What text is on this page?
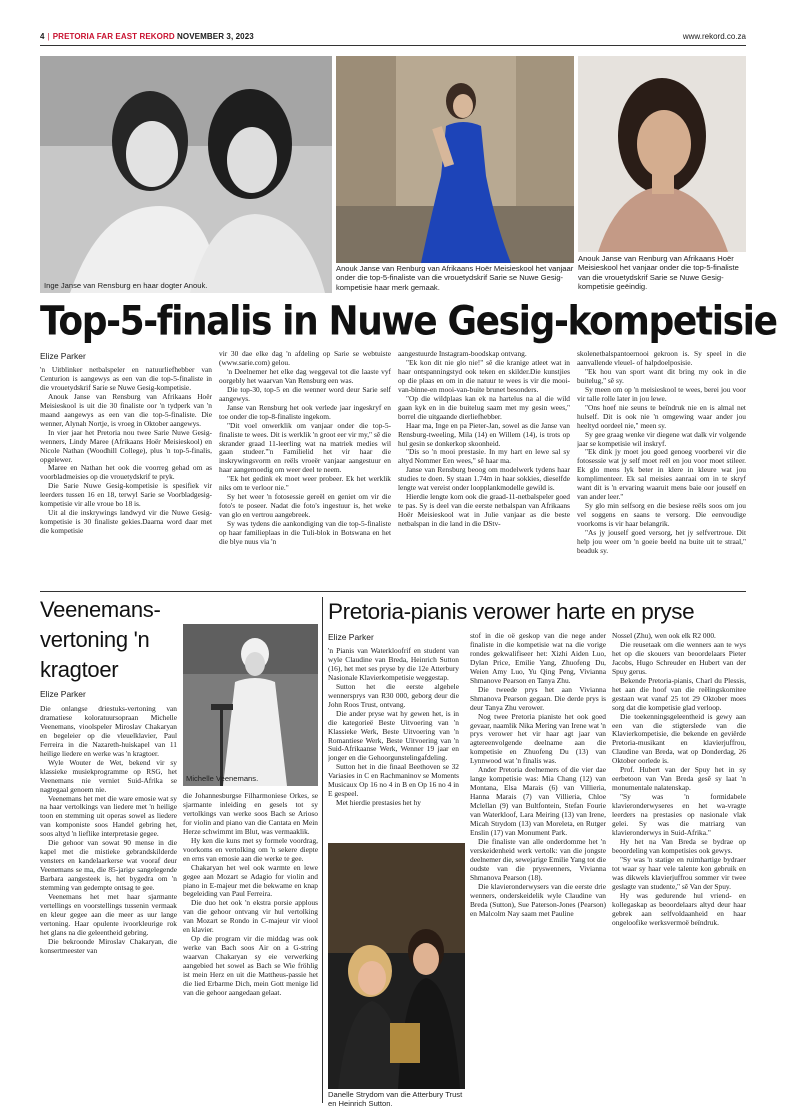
4 | PRETORIA FAR EAST REKORD NOVEMBER 3, 2023	www.rekord.co.za
Inge Janse van Rensburg en haar dogter Anouk.
Anouk Janse van Renburg van Afrikaans Hoër Meisieskool het vanjaar onder die top-5-finaliste van die vrouetydskrif Sarie se Nuwe Gesig-kompetisie haar merk gemaak.
Anouk Janse van Renburg van Afrikaans Hoër Meisieskool het vanjaar onder die top-5-finaliste van die vrouetydskrif Sarie se Nuwe Gesig-kompetisie geëindig.
Top-5-finalis in Nuwe Gesig-kompetisie
Elize Parker

'n Uitblinker netbalspeler en natuurliefhebber van Centurion is aangewys as een van die top-5-finaliste in die vrouetydskrif Sarie se Nuwe Gesig-kompetisie.

Anouk Janse van Rensburg van Afrikaans Hoër Meisieskool is uit die 30 finaliste oor 'n tydperk van 'n maand aangewys as een van die top-5-finaliste. Die wenner, Alynah Nortje, is vroeg in Oktober aangewys.

In vier jaar het Pretoria nou twee Sarie Nuwe Gesig-wenners, Lindy Maree (Afrikaans Hoër Meisieskool) en Nicole Nathan (Woodhill College), plus 'n top-5-finalis, opgelewer.

Maree en Nathan het ook die voorreg gehad om as voorbladmeisies op die vrouetydskrif te pryk.

Die Sarie Nuwe Gesig-kompetisie is spesifiek vir leerders tussen 16 en 18, terwyl Sarie se Voorbladgesig-kompetisie vir alle vroue bo 18 is.

Uit al die inskrywings landwyd vir die Nuwe Gesig-kompetisie is 30 finaliste gekies.Daarna word daar met die kompetisie

vir 30 dae elke dag 'n afdeling op Sarie se webtuiste (www.sarie.com) gelou.

'n Deelnemer het elke dag weggeval tot die laaste vyf oorgebly het waarvan Van Rensburg een was.

Die top-30, top-5 en die wenner word deur Sarie self aangewys.

Janse van Rensburg het ook verlede jaar ingeskryf en toe onder die top-8-finaliste ingekom.

"Dit voel onwerklik om vanjaar onder die top-5-finaliste te wees. Dit is werklik 'n groot eer vir my," sê die skrander graad 11-leerling wat na matriek medies wil gaan studeer."'n Familielid het vir haar die inskrywingsvorm en reëls vroeër vanjaar aangestuur en haar aangemoedig om weer deel te neem.

"Ek het gedink ek moet weer probeer. Ek het werklik niks om te verloor nie."

Sy het weer 'n fotosessie gereël en geniet om vir die foto's te poseer. Nadat die foto's ingestuur is, het weke van glo en vertrou aangebreek.

Sy was tydens die aankondiging van die top-5-finaliste op haar familieplaas in die Tuli-blok in Botswana en het die blye nuus via 'n

aangestuurde Instagram-boodskap ontvang.

"Ek kon dit nie glo nie!" sê die kranige atleet wat in haar ontspanningstyd ook teken en skilder.Die kunstjies op die plaas en om in die natuur te wees is vir die mooi-van-binne-en mooi-van-buite brunet besonders.

"Op die wildplaas kan ek na hartelus na al die wild gaan kyk en in die buitelug saam met my gesin wees," borrel die uitgaande dierliefhebber.

Haar ma, Inge en pa Pieter-Jan, sowel as die Janse van Rensburg-tweeling, Mila (14) en Willem (14), is trots op hul gesin se donkerkop skoonheid.

"Dis so 'n mooi prestasie. In my hart en lewe sal sy altyd Nommer Een wees," sê haar ma.

Janse van Rensburg beoog om modelwerk tydens haar studies te doen. Sy staan 1.74m in haar sokkies, dieselfde lengte wat vereist onder loopplankmodelle gewild is.

Hierdie lengte kom ook die graad-11-netbalspeler goed te pas. Sy is deel van die eerste netbalspan van Afrikaans Hoër Meisieskool wat in Julie vanjaar as die beste netbalspan in die land in die DStv-

skolenetbalspantoernooi gekroon is. Sy speel in die aanvallende vleuel- of halpdoelposisie.

"Ek hou van sport want dit bring my ook in die buitelug," sê sy.

Sy meen om op 'n meisieskool te wees, berei jou voor vir talle rolle later in jou lewe.

"Ons hoef nie seuns te beïndruk nie en is almal net hulself. Dit is ook nie 'n omgewing waar ander jou heeltyd oordeel nie," meen sy.

Sy gee graag wenke vir diegene wat dalk vir volgende jaar se kompetisie wil inskryf.

"Ek dink jy moet jou goed genoeg voorberei vir die fotosessie wat jy self moet reël en jou voor moet stileer. Ek glo mens lyk beter in klere in kleure wat jou komplimenteer. Ek sal meisies aanraai om in te skryf want dit is 'n ervaring waaruit mens baie oor jouself en van ander leer."

Sy glo min selfsorg en die besiese reëls soos om jou vel soggens en saans te versorg. Die eenvoudige voorkoms is vir haar belangrik.

"As jy jouself goed versorg, het jy selfvertroue. Dit help jou weer om 'n goeie beeld na buite uit te straal," beaduk sy.

Veenemans-
vertoning 'n
kragtoer
Elize Parker
Michelle Veenemans.

Die onlangse driestuks-vertoning van dramatiese koloratuursopraan Michelle Veenemans, vioolspeler Miroslav Chakaryan en begeleier op die vleuelklavier, Paul Ferreira in die Nazareth-huiskapel van 11 heilige liedere en werke was 'n kragtoer.

Wyle Wouter de Wet, bekend vir sy klassieke musiekprogramme op RSG, het Veenemans nie verniet Suid-Afrika se nagtegaal genoem nie.

Veenemans het met die ware emosie wat sy na haar vertolkings van liedere met 'n heilige toon en stemming uit operas sowel as liedere van komponiste soos Handel gebring het, soos altyd 'n lieflike interpretasie gegee.

Die gehoor van sowat 90 mense in die kapel met die mistieke gebrandskilderde vensters en kandelaarkerse wat vooraf deur Veenemans se ma, die 85-jarige sangelegende Barbara aangesteek is, het bygedra om 'n stemming van gedempte ontsag te gee.

Veenemans het met haar sjarmante vertellings en voorstellings tussenin vermaak en kleur gegee aan die meer as uur lange vertoning. Haar opulente ivoorkleurige rok het glans na die geleentheid gebring.

Die bekroonde Miroslav Chakaryan, die konsertmeester van

die Johannesburgse Filharmoniese Orkes, se sjarmante inleiding en gesels tot sy vertolkings van werke soos Bach se Arioso for violin and piano van die Cantata en Mein Herze schwimmt im Blut, was vermaaklik.

Hy ken die kuns met sy formele voordrag, voorkoms en vertolking om 'n sekere diepte en erns van emosie aan die werke te gee.

Chakaryan het wel ook warmte en lewe gegee aan Mozart se Adagio for violin and piano in E-majeur met die bekwame en knap begeleiding van Paul Ferreira.

Die duo het ook 'n ekstra porsie applous van die gehoor ontvang vir hul vertolking van Mozart se Rondo in C-majeur vir viool en klavier.

Op die program vir die middag was ook werke van Bach soos Air on a G-string waarvan Chakaryan sy eie verwerking aangebied het sowel as Bach se Wie fröhlig ist mein Herz en uit die Mattheus-passie het die lied Erbarme Dich, mein Gott menige lid van die gehoor aangedaan gelaat.

Pretoria-pianis verower harte en pryse
Elize Parker

'n Pianis van Waterkloofrif en student van wyle Claudine van Breda, Heinrich Sutton (16), het met ses pryse by die 12e Atterbury Nasionale Klavierkompetisie weggestap.

Sutton het die eerste algehele wennersprys van R30 000, geborg deur die John Roos Trust, ontvang.

Die ander pryse wat hy gewen het, is in die kategorieë Beste Uitvoering van 'n Klassieke Werk, Beste Uitvoering van 'n Romantiese Werk, Beste Uitvoering van 'n Suid-Afrikaanse Werk, Wenner 19 jaar en jonger en die Gehoorgunstelingafdeling.

Sutton het in die finaal Beethoven se 32 Variasies in C en Rachmaninov se Moments Musicaux Op 16 no 4 in B en Op 16 no 4 in E gespeel.

Met hierdie prestasies het hy

Danelle Strydom van die Atterbury Trust en Heinrich Sutton.

stof in die oë geskop van die nege ander finaliste in die kompetisie wat na die vorige rondes gekwalifiseer het: Xizhi Aiden Luo, Dylan Price, Emilie Yang, Zhuofeng Du, Weien Amy Luo, Yu Qing Peng, Vivianna Shmanove Pearson en Tanya Zhu.

Die tweede prys het aan Vivianna Shmanova Pearson gegaan. Die derde prys is deur Tanya Zhu verower.

Nog twee Pretoria pianiste het ook goed gevaar, naamlik Nika Mering van Irene wat 'n prys verower het vir haar agt jaar van agtereenvolgende deelname aan die kompetisie en Zhuofeng Du (13) van Lynnwood wat 'n finalis was.

Ander Pretoria deelnemers of die vier dae lange kompetisie was: Mia Chang (12) van Montana, Elsa Marais (6) van Villieria, Hanna Marais (7) van Villieria, Chloe Mclellan (9) van Bultfontein, Stefan Fourie van Waterkloof, Lara Meiring (13) van Irene, Micah Strydom (13) van Moreleta, en Rutger Enslin (17) van Monument Park.

Die finaliste van alle onderdomme het 'n verskeidenheid werk vertolk: van die jongste deelnemer die, sewejarige Emilie Yang tot die oudste van die pryswenners, Vivianna Shmanova Pearson (18).

Die klavieronderwysers van die eerste drie wenners, onderskeidelik wyle Claudine van Breda (Sutton), Sue Paterson-Jones (Pearson) en Malcolm Nay saam met Pauline

Nossel (Zhu), wen ook elk R2 000.

Die reusetaak om die wenners aan te wys het op die skouers van beoordelaars Pieter Jacobs, Hugo Schreuder en Hubert van der Spuy gerus.

Bekende Pretoria-pianis, Charl du Plessis, het aan die hoof van die reëlingskomitee gestaan wat vanaf 25 tot 29 Oktober moes sorg dat die kompetisie glad verloop.

Die toekenningsgeleentheid is gewy aan een van die stigterslede van die Klavierkompetisie, die bekende en geviërde Pretoria-musikant en klavierjuffrou, Claudine van Breda, wat op Donderdag, 26 Oktober oorlede is.

Prof. Hubert van der Spuy het in sy eerbetoon van Van Breda gesê sy laat 'n monumentale nalatenskap.

"Sy was 'n formidabele klavieronderwyseres en het wa-vragte leerders na prestasies op nasionale vlak gelei. Sy was die matriarg van klavieronderwys in Suid-Afrika."

Hy het na Van Breda se bydrae op beoordeling van kompetisies ook gewys.

"Sy was 'n statige en ruimhartige bydraer tot waar sy haar vele talente kon gebruik en was dikwels klavierjuffrou sommer vir twee geslagte van studente," sê Van der Spuy.

Hy was gedurende hul vriend- en kollegaskap as beoordelaars altyd deur haar gebrek aan selfvoldaanheid en haar ongeloofike werksvermoë beïndruk.
